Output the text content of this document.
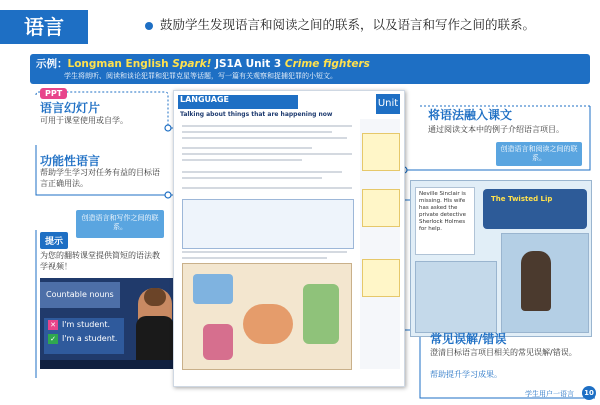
语言	鼓励学生发现语言和阅读之间的联系，以及语言和写作之间的联系。
示例：Longman English Spark! JS1A Unit 3 Crime fighters
学生将朗听、阅读和谈论犯罪和犯罪克星等话题，写一篇有关观察和捉捕犯罪的小短文。
PPT
语言幻灯片
可用于课堂使用或自学。
功能性语言
帮助学生学习对任务有益的目标语言正确用法。
创造语言和写作之间的联系。
提示
为您的翻转课堂提供简短的语法教学视频！
Countable nouns
✕
✓
I'm student.
I'm a student.
LANGUAGE	Unit
Talking about things that are happening now	将语法融入课文
通过阅读文本中的例子介绍语言项目。
创造语言和阅读之间的联系。
Neville Sinclair is missing. His wife has asked the private detective Sherlock Holmes for help.
The Twisted Lip
常见误解/错误
澄清目标语言项目相关的常见误解/错误。
帮助提升学习成果。
学生用户一语言	10
